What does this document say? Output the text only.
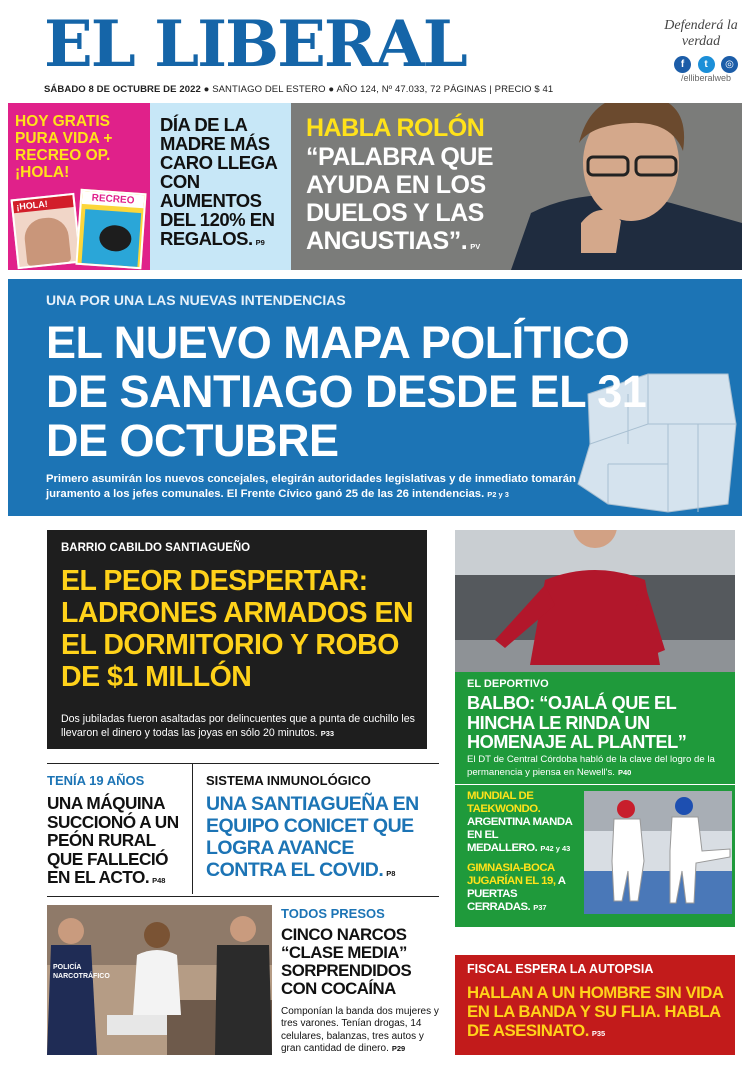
EL LIBERAL
SÁBADO 8 DE OCTUBRE DE 2022 ● SANTIAGO DEL ESTERO ● AÑO 124, Nº 47.033, 72 PÁGINAS | PRECIO $ 41
Defenderá la verdad
f t ◎
/elliberalweb
HOY GRATIS PURA VIDA + RECREO OP. ¡HOLA!
¡HOLA!	RECREO
DÍA DE LA MADRE MÁS CARO LLEGA CON AUMENTOS DEL 120% EN REGALOS. P9
HABLA ROLÓN
“PALABRA QUE AYUDA EN LOS DUELOS Y LAS ANGUSTIAS”. PV
UNA POR UNA LAS NUEVAS INTENDENCIAS
EL NUEVO MAPA POLÍTICO DE SANTIAGO DESDE EL 31 DE OCTUBRE
Primero asumirán los nuevos concejales, elegirán autoridades legislativas y de inmediato tomarán juramento a los jefes comunales. El Frente Cívico ganó 25 de las 26 intendencias. P2 y 3
BARRIO CABILDO SANTIAGUEÑO
EL PEOR DESPERTAR: LADRONES ARMADOS EN EL DORMITORIO Y ROBO DE $1 MILLÓN
Dos jubiladas fueron asaltadas por delincuentes que a punta de cuchillo les llevaron el dinero y todas las joyas en sólo 20 minutos. P33
EL DEPORTIVO
BALBO: “OJALÁ QUE EL HINCHA LE RINDA UN HOMENAJE AL PLANTEL”
El DT de Central Córdoba habló de la clave del logro de la permanencia y piensa en Newell's. P40
MUNDIAL DE TAEKWONDO. ARGENTINA MANDA EN EL MEDALLERO. P42 y 43
GIMNASIA-BOCA JUGARÍAN EL 19, A PUERTAS CERRADAS. P37
TENÍA 19 AÑOS
UNA MÁQUINA SUCCIONÓ A UN PEÓN RURAL QUE FALLECIÓ EN EL ACTO. P48
SISTEMA INMUNOLÓGICO
UNA SANTIAGUEÑA EN EQUIPO CONICET QUE LOGRA AVANCE CONTRA EL COVID. P8
POLICÍA NARCOTRÁFICO
TODOS PRESOS
CINCO NARCOS “CLASE MEDIA” SORPRENDIDOS CON COCAÍNA
Componían la banda dos mujeres y tres varones. Tenían drogas, 14 celulares, balanzas, tres autos y gran cantidad de dinero. P29
FISCAL ESPERA LA AUTOPSIA
HALLAN A UN HOMBRE SIN VIDA EN LA BANDA Y SU FLIA. HABLA DE ASESINATO. P35
